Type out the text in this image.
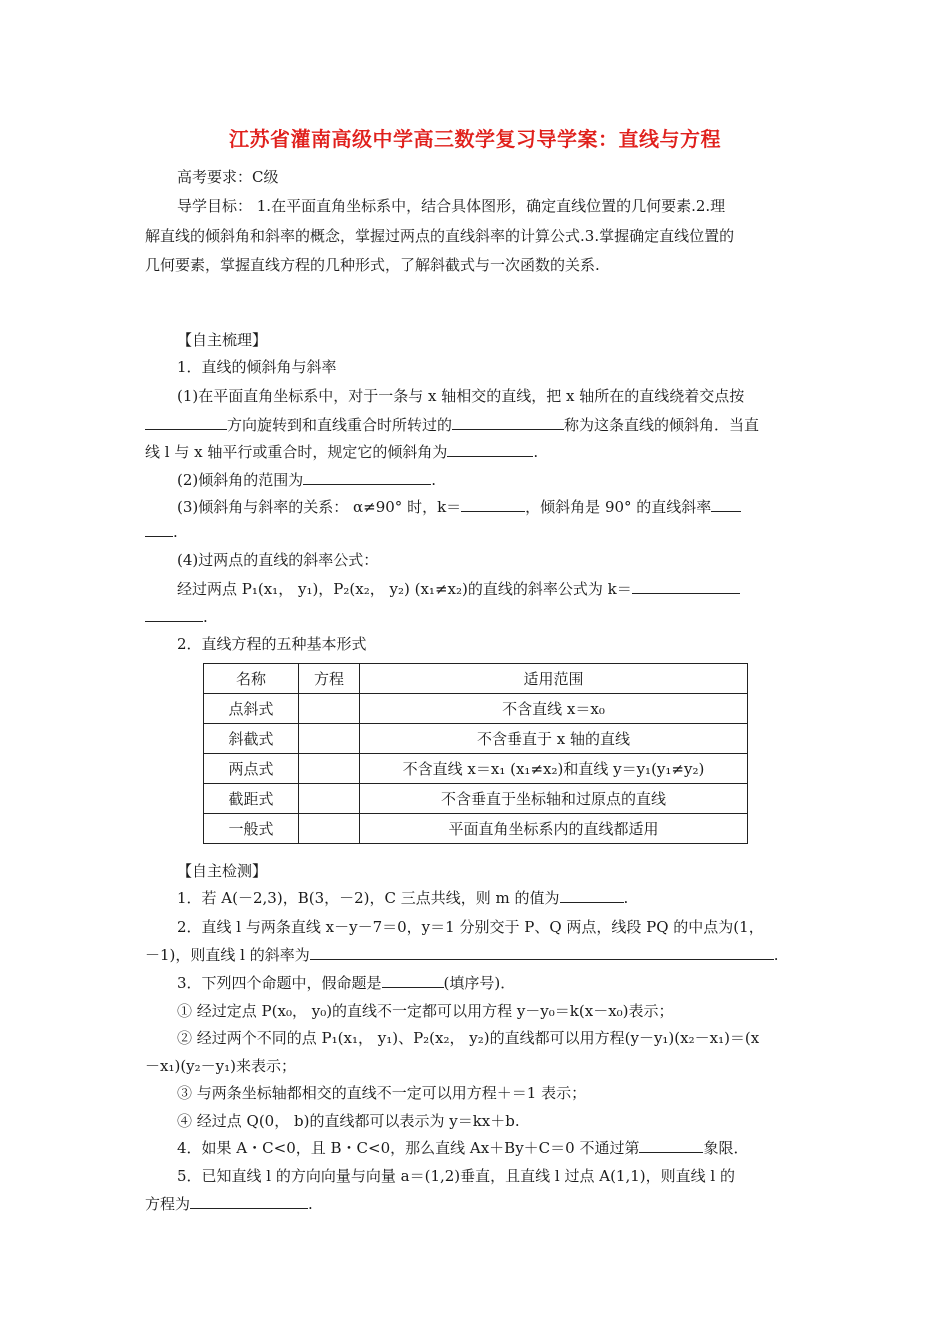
江苏省灌南高级中学高三数学复习导学案：直线与方程
高考要求：C级
导学目标： 1.在平面直角坐标系中，结合具体图形，确定直线位置的几何要素.2.理
解直线的倾斜角和斜率的概念，掌握过两点的直线斜率的计算公式.3.掌握确定直线位置的
几何要素，掌握直线方程的几种形式，了解斜截式与一次函数的关系.
【自主梳理】
1．直线的倾斜角与斜率
(1)在平面直角坐标系中，对于一条与 x 轴相交的直线，把 x 轴所在的直线绕着交点按
方向旋转到和直线重合时所转过的	称为这条直线的倾斜角．当直
线 l 与 x 轴平行或重合时，规定它的倾斜角为	.
(2)倾斜角的范围为	.
(3)倾斜角与斜率的关系： α≠90° 时，k＝	，倾斜角是 90° 的直线斜率
.
(4)过两点的直线的斜率公式：
经过两点 P₁(x₁， y₁)，P₂(x₂， y₂) (x₁≠x₂)的直线的斜率公式为 k＝
.
2．直线方程的五种基本形式
名称	方程	适用范围
点斜式		不含直线 x＝x₀
斜截式		不含垂直于 x 轴的直线
两点式		不含直线 x＝x₁ (x₁≠x₂)和直线 y＝y₁(y₁≠y₂)
截距式		不含垂直于坐标轴和过原点的直线
一般式		平面直角坐标系内的直线都适用
【自主检测】
1．若 A(－2,3)，B(3，－2)，C 三点共线，则 m 的值为	.
2．直线 l 与两条直线 x－y－7＝0，y＝1 分别交于 P、Q 两点，线段 PQ 的中点为(1，
－1)，则直线 l 的斜率为	.
3．下列四个命题中，假命题是	(填序号)．
① 经过定点 P(x₀， y₀)的直线不一定都可以用方程 y－y₀＝k(x－x₀)表示；
② 经过两个不同的点 P₁(x₁， y₁)、P₂(x₂， y₂)的直线都可以用方程(y－y₁)(x₂－x₁)＝(x
－x₁)(y₂－y₁)来表示；
③ 与两条坐标轴都相交的直线不一定可以用方程＋＝1 表示；
④ 经过点 Q(0， b)的直线都可以表示为 y＝kx＋b.
4．如果 A・C<0，且 B・C<0，那么直线 Ax＋By＋C＝0 不通过第	象限．
5．已知直线 l 的方向向量与向量 a＝(1,2)垂直，且直线 l 过点 A(1,1)，则直线 l 的
方程为	.
